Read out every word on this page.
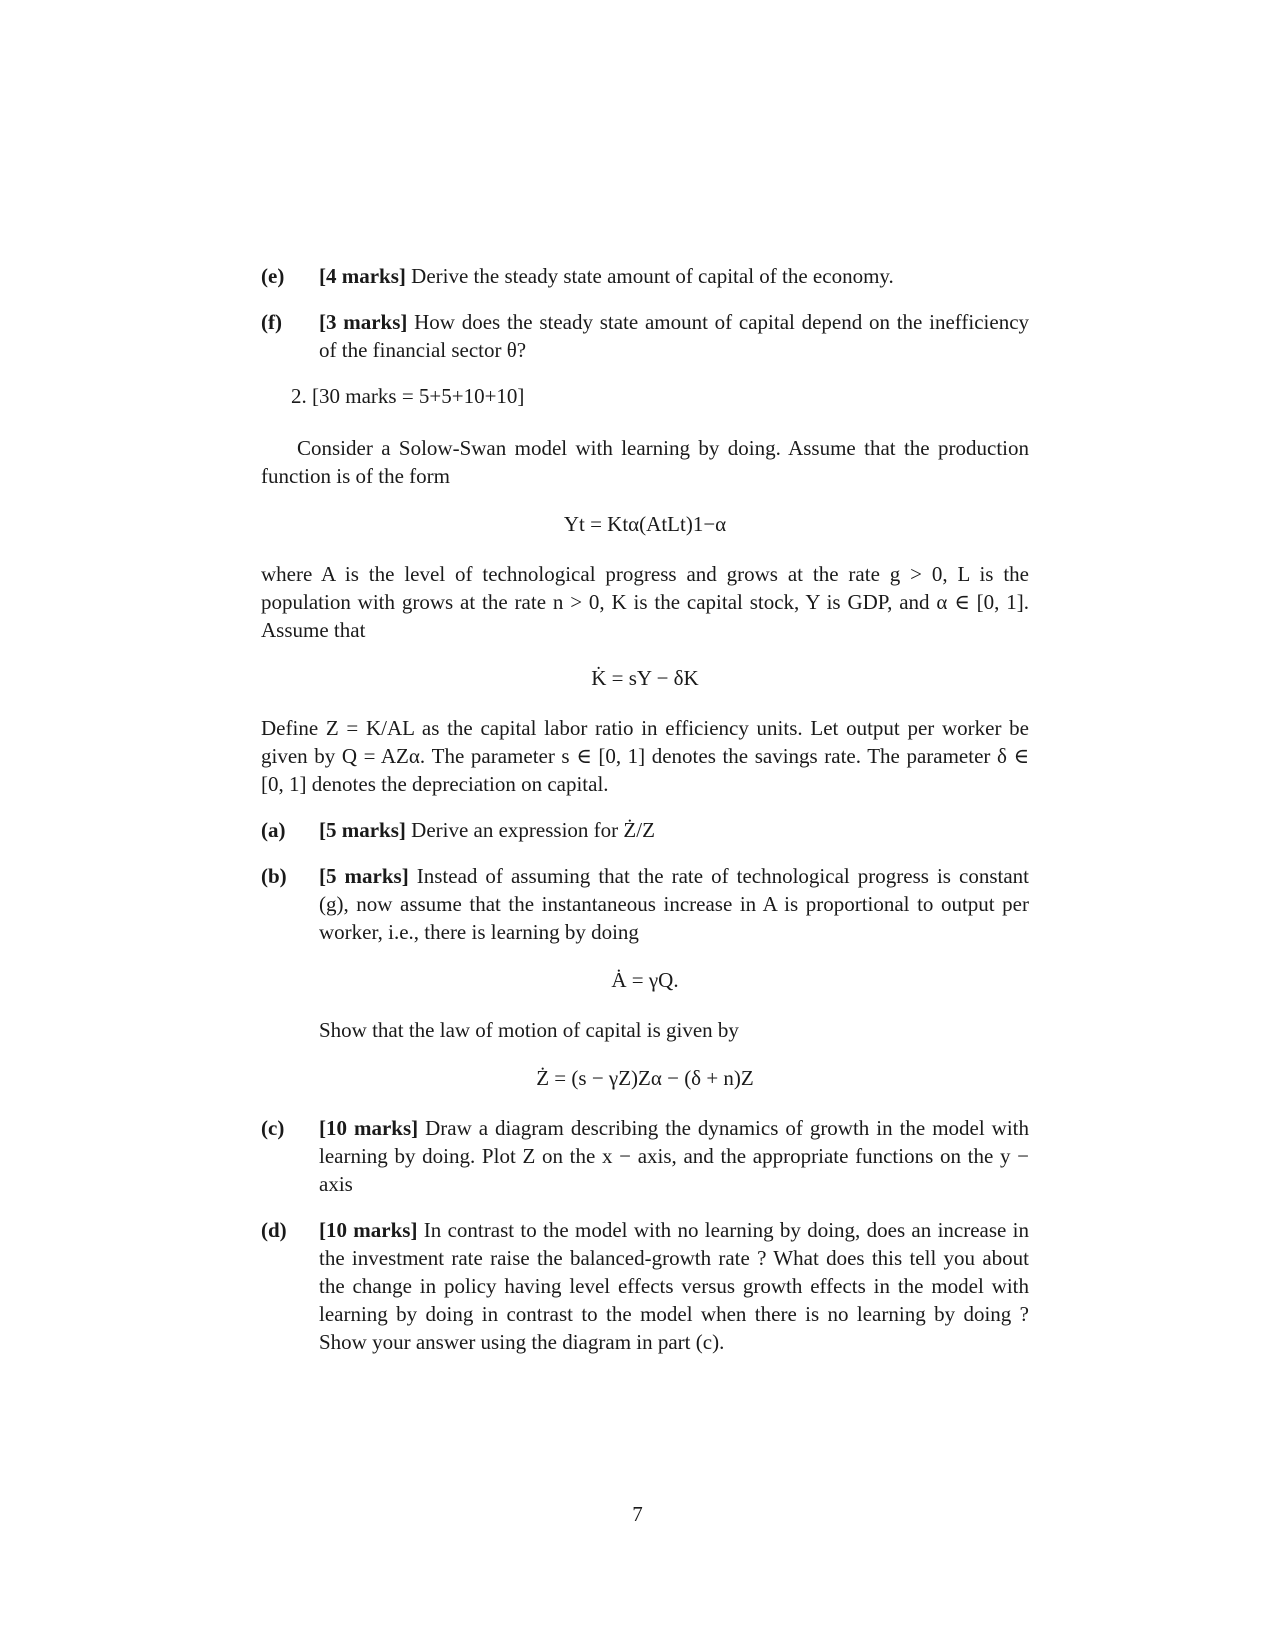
(e) [4 marks] Derive the steady state amount of capital of the economy.
(f) [3 marks] How does the steady state amount of capital depend on the inefficiency of the financial sector θ?
2. [30 marks = 5+5+10+10]

Consider a Solow-Swan model with learning by doing. Assume that the production function is of the form

Yt = Ktα(AtLt)1−α

where A is the level of technological progress and grows at the rate g > 0, L is the population with grows at the rate n > 0, K is the capital stock, Y is GDP, and α ∈ [0, 1]. Assume that

K̇ = sY − δK

Define Z = K/AL as the capital labor ratio in efficiency units. Let output per worker be given by Q = AZα. The parameter s ∈ [0, 1] denotes the savings rate. The parameter δ ∈ [0, 1] denotes the depreciation on capital.

(a) [5 marks] Derive an expression for Ż/Z
(b) [5 marks] Instead of assuming that the rate of technological progress is constant (g), now assume that the instantaneous increase in A is proportional to output per worker, i.e., there is learning by doing
Ȧ = γQ.
Show that the law of motion of capital is given by
Ż = (s − γZ)Zα − (δ + n)Z
(c) [10 marks] Draw a diagram describing the dynamics of growth in the model with learning by doing. Plot Z on the x − axis, and the appropriate functions on the y − axis
(d) [10 marks] In contrast to the model with no learning by doing, does an increase in the investment rate raise the balanced-growth rate ? What does this tell you about the change in policy having level effects versus growth effects in the model with learning by doing in contrast to the model when there is no learning by doing ? Show your answer using the diagram in part (c).
7
